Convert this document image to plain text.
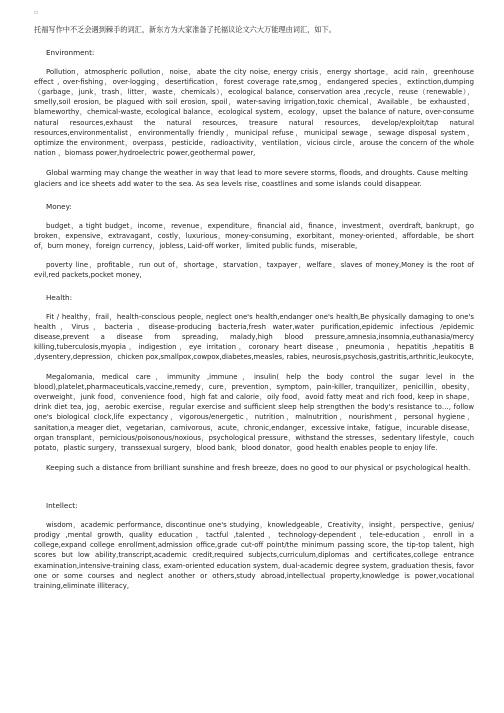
▫

托福写作中不乏会遇到棘手的词汇，新东方为大家准备了托福议论文六大万能理由词汇，如下。

Environment:

Pollution，atmospheric pollution，noise，abate the city noise, energy crisis，energy shortage，acid rain，greenhouse effect , over-fishing，over-logging，desertification，forest coverage rate,smog，endangered species，extinction,dumping（garbage，junk，trash，litter，waste，chemicals），ecological balance, conservation area ,recycle，reuse（renewable），smelly,soil erosion, be plagued with soil erosion, spoil，water-saving irrigation,toxic chemical，Available，be exhausted，blameworthy，chemical-waste, ecological balance，ecological system，ecology，upset the balance of nature, over-consume natural resources,exhaust the natural resources, treasure natural resources, develop/exploit/tap natural resources,environmentalist，environmentally friendly，municipal refuse，municipal sewage，sewage disposal system，optimize the environment，overpass，pesticide，radioactivity，ventilation，vicious circle，arouse the concern of the whole nation ，biomass power,hydroelectric power,geothermal power,

Global warming may change the weather in way that lead to more severe storms, floods, and droughts. Cause melting glaciers and ice sheets add water to the sea. As sea levels rise, coastlines and some islands could disappear.

Money:

budget，a tight budget，income，revenue，expenditure，financial aid，finance，investment，overdraft, bankrupt，go broken，expensive，extravagant，costly，luxurious，money-consuming，exorbitant，money-oriented，affordable，be short of，burn money，foreign currency，jobless, Laid-off worker，limited public funds，miserable,

poverty line，profitable，run out of，shortage，starvation，taxpayer，welfare，slaves of money,Money is the root of evil,red packets,pocket money,

Health:

Fit / healthy，frail，health-conscious people, neglect one's health,endanger one's health,Be physically damaging to one's health，Virus，bacteria，disease-producing bacteria,fresh water,water purification,epidemic infectious /epidemic disease,prevent a disease from spreading, malady,high blood pressure,amnesia,insomnia,euthanasia/mercy killing,tuberculosis,myopia，indigestion，eye irritation，coronary heart disease，pneumonia，hepatitis ,hepatitis B ,dysentery,depression，chicken pox,smallpox,cowpox,diabetes,measles, rabies, neurosis,psychosis,gastritis,arthritic,leukocyte,

Megalomania, medical care，immunity ,immune，insulin( help the body control the sugar level in the blood),platelet,pharmaceuticals,vaccine,remedy，cure，prevention，symptom，pain-killer, tranquilizer，penicillin，obesity，overweight，junk food，convenience food，high fat and calorie，oily food，avoid fatty meat and rich food, keep in shape，drink diet tea, jog，aerobic exercise，regular exercise and sufficient sleep help strengthen the body's resistance to…, follow one's biological clock,life expectancy，vigorous/energetic，nutrition，malnutrition，nourishment，personal hygiene，sanitation,a meager diet，vegetarian，carnivorous，acute，chronic,endanger，excessive intake，fatigue，incurable disease，organ transplant，pernicious/poisonous/noxious，psychological pressure，withstand the stresses，sedentary lifestyle，couch potato，plastic surgery，transsexual surgery，blood bank，blood donator，good health enables people to enjoy life.

Keeping such a distance from brilliant sunshine and fresh breeze, does no good to our physical or psychological health.

Intellect:

wisdom，academic performance, discontinue one's studying，knowledgeable，Creativity，insight，perspective，genius/ prodigy ,mental growth, quality education，tactful ,talented，technology-dependent，tele-education，enroll in a college,expand college enrollment,admission office,grade cut-off point/the minimum passing score, the tip-top talent, high scores but low ability,transcript,academic credit,required subjects,curriculum,diplomas and certificates,college entrance examination,intensive-training class, exam-oriented education system, dual-academic degree system, graduation thesis, favor one or some courses and neglect another or others,study abroad,intellectual property,knowledge is power,vocational training,eliminate illiteracy,
